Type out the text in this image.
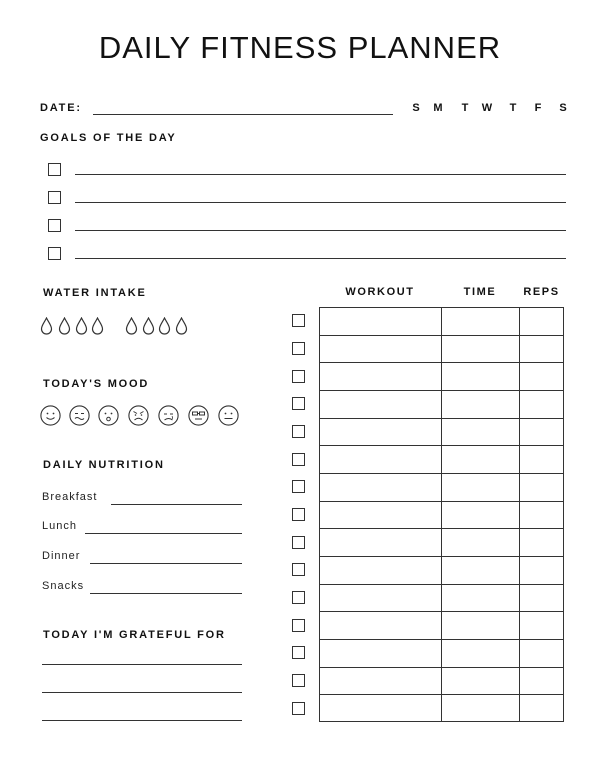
DAILY FITNESS PLANNER
DATE:	S M T W T F S
GOALS OF THE DAY
WATER INTAKE
TODAY'S MOOD
DAILY NUTRITION
Breakfast
Lunch
Dinner
Snacks
TODAY I'M GRATEFUL FOR
WORKOUT	TIME	REPS
